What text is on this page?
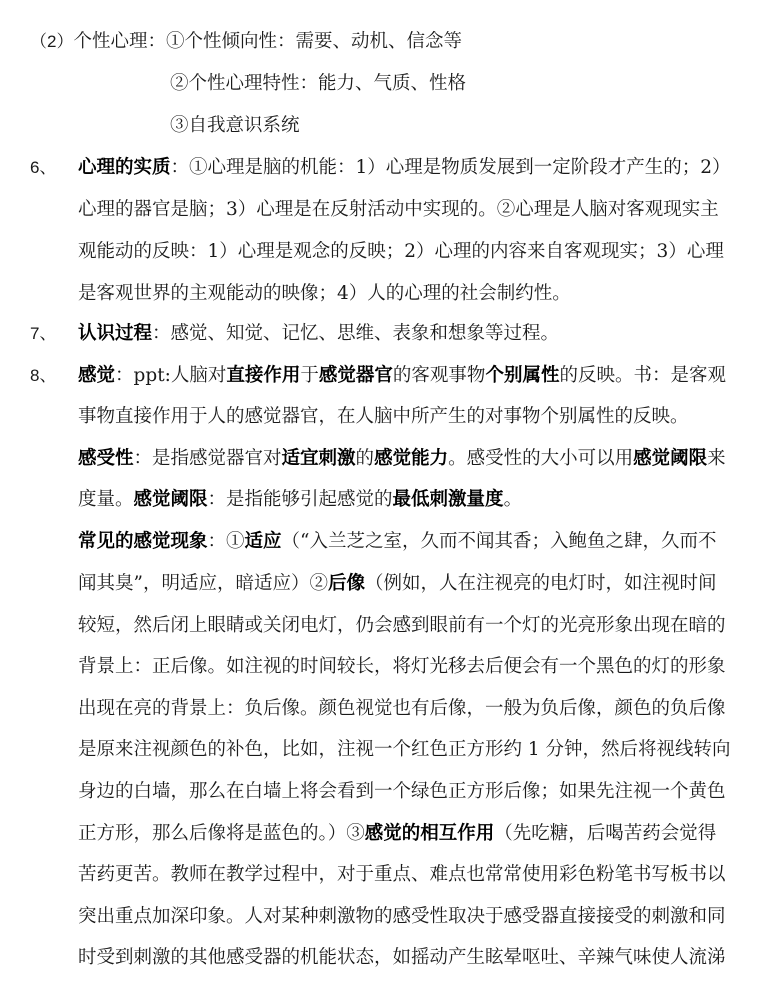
（2）个性心理：①个性倾向性：需要、动机、信念等
②个性心理特性：能力、气质、性格
③自我意识系统
6、 心理的实质：①心理是脑的机能：1）心理是物质发展到一定阶段才产生的；2）
心理的器官是脑；3）心理是在反射活动中实现的。②心理是人脑对客观现实主
观能动的反映：1）心理是观念的反映；2）心理的内容来自客观现实；3）心理
是客观世界的主观能动的映像；4）人的心理的社会制约性。
7、 认识过程：感觉、知觉、记忆、思维、表象和想象等过程。
8、 感觉：ppt:人脑对直接作用于感觉器官的客观事物个别属性的反映。书：是客观
事物直接作用于人的感觉器官，在人脑中所产生的对事物个别属性的反映。
感受性：是指感觉器官对适宜刺激的感觉能力。感受性的大小可以用感觉阈限来
度量。感觉阈限：是指能够引起感觉的最低刺激量度。
常见的感觉现象：①适应（“入兰芝之室，久而不闻其香；入鲍鱼之肆，久而不
闻其臭”，明适应，暗适应）②后像（例如，人在注视亮的电灯时，如注视时间
较短，然后闭上眼睛或关闭电灯，仍会感到眼前有一个灯的光亮形象出现在暗的
背景上：正后像。如注视的时间较长，将灯光移去后便会有一个黑色的灯的形象
出现在亮的背景上：负后像。颜色视觉也有后像，一般为负后像，颜色的负后像
是原来注视颜色的补色，比如，注视一个红色正方形约 1 分钟，然后将视线转向
身边的白墙，那么在白墙上将会看到一个绿色正方形后像；如果先注视一个黄色
正方形，那么后像将是蓝色的。）③感觉的相互作用（先吃糖，后喝苦药会觉得
苦药更苦。教师在教学过程中，对于重点、难点也常常使用彩色粉笔书写板书以
突出重点加深印象。人对某种刺激物的感受性取决于感受器直接接受的刺激和同
时受到刺激的其他感受器的机能状态，如摇动产生眩晕呕吐、辛辣气味使人流涕
